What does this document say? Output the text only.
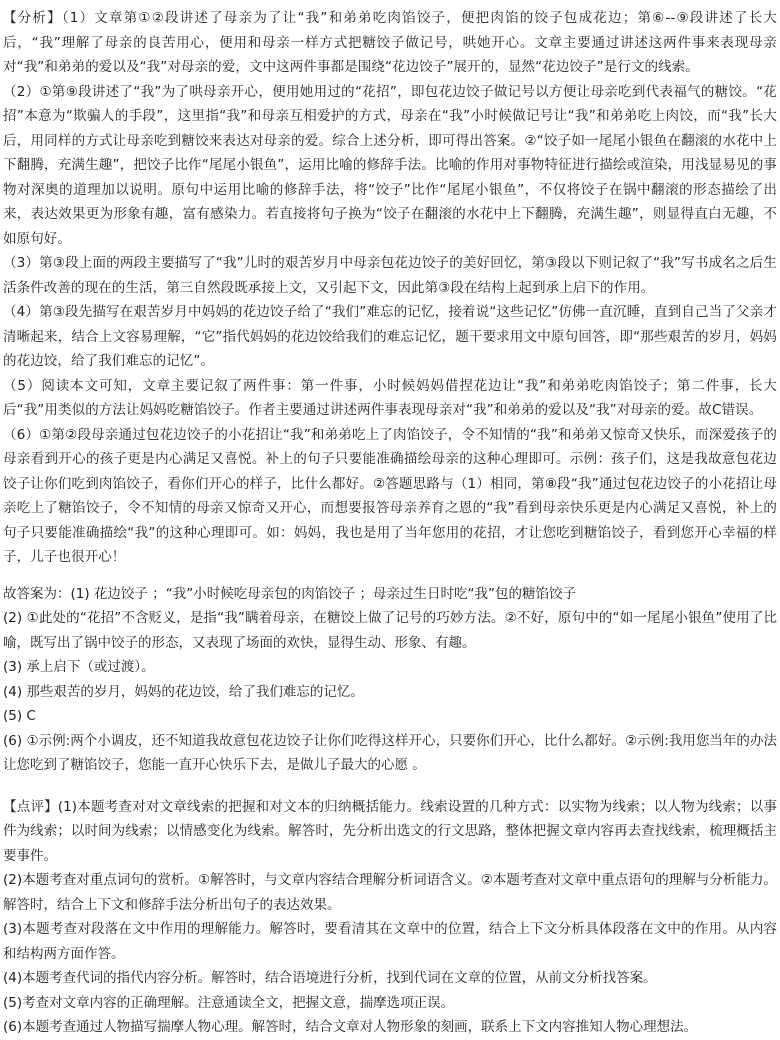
【分析】（1）文章第①②段讲述了母亲为了让“我”和弟弟吃肉馅饺子，便把肉馅的饺子包成花边；第⑥--⑨段讲述了长大后，“我”理解了母亲的良苦用心，便用和母亲一样方式把糖饺子做记号，哄她开心。文章主要通过讲述这两件事来表现母亲对“我”和弟弟的爱以及“我”对母亲的爱，文中这两件事都是围绕“花边饺子”展开的，显然“花边饺子”是行文的线索。

（2）①第⑨段讲述了“我”为了哄母亲开心，便用她用过的“花招”，即包花边饺子做记号以方便让母亲吃到代表福气的糖饺。“花招”本意为“欺骗人的手段”，这里指“我”和母亲互相爱护的方式，母亲在“我”小时候做记号让“我”和弟弟吃上肉饺，而“我”长大后，用同样的方式让母亲吃到糖饺来表达对母亲的爱。综合上述分析，即可得出答案。②“饺子如一尾尾小银鱼在翻滚的水花中上下翻腾，充满生趣”，把饺子比作“尾尾小银鱼”，运用比喻的修辞手法。比喻的作用对事物特征进行描绘或渲染，用浅显易见的事物对深奥的道理加以说明。原句中运用比喻的修辞手法，将“饺子”比作“尾尾小银鱼”，不仅将饺子在锅中翻滚的形态描绘了出来，表达效果更为形象有趣，富有感染力。若直接将句子换为“饺子在翻滚的水花中上下翻腾，充满生趣”，则显得直白无趣，不如原句好。

（3）第③段上面的两段主要描写了“我”儿时的艰苦岁月中母亲包花边饺子的美好回忆，第③段以下则记叙了“我”写书成名之后生活条件改善的现在的生活，第三自然段既承接上文，又引起下文，因此第③段在结构上起到承上启下的作用。

（4）第③段先描写在艰苦岁月中妈妈的花边饺子给了“我们”难忘的记忆，接着说“这些记忆”仿佛一直沉睡，直到自己当了父亲才清晰起来，结合上文容易理解，“它”指代妈妈的花边饺给我们的难忘记忆，题干要求用文中原句回答，即“那些艰苦的岁月，妈妈的花边饺，给了我们难忘的记忆”。

（5）阅读本文可知，文章主要记叙了两件事：第一件事，小时候妈妈借捏花边让“我”和弟弟吃肉馅饺子；第二件事，长大后“我”用类似的方法让妈妈吃糖馅饺子。作者主要通过讲述两件事表现母亲对“我”和弟弟的爱以及“我”对母亲的爱。故C错误。

（6）①第②段母亲通过包花边饺子的小花招让“我”和弟弟吃上了肉馅饺子，令不知情的“我”和弟弟又惊奇又快乐，而深爱孩子的母亲看到开心的孩子更是内心满足又喜悦。补上的句子只要能准确描绘母亲的这种心理即可。示例：孩子们，这是我故意包花边饺子让你们吃到肉馅饺子，看你们开心的样子，比什么都好。②答题思路与（1）相同，第⑧段“我”通过包花边饺子的小花招让母亲吃上了糖馅饺子，令不知情的母亲又惊奇又开心，而想要报答母亲养育之恩的“我”看到母亲快乐更是内心满足又喜悦，补上的句子只要能准确描绘“我”的这种心理即可。如：妈妈，我也是用了当年您用的花招，才让您吃到糖馅饺子，看到您开心幸福的样子，儿子也很开心！

故答案为：(1) 花边饺子 ；“我”小时候吃母亲包的肉馅饺子 ；母亲过生日时吃“我”包的糖馅饺子

(2) ①此处的“花招”不含贬义，是指“我”瞒着母亲，在糖饺上做了记号的巧妙方法。②不好，原句中的“如一尾尾小银鱼”使用了比喻，既写出了锅中饺子的形态，又表现了场面的欢快，显得生动、形象、有趣。

(3) 承上启下（或过渡）。

(4) 那些艰苦的岁月，妈妈的花边饺，给了我们难忘的记忆。

(5) C

(6) ①示例:两个小调皮，还不知道我故意包花边饺子让你们吃得这样开心，只要你们开心，比什么都好。②示例:我用您当年的办法让您吃到了糖馅饺子，您能一直开心快乐下去，是做儿子最大的心愿 。

【点评】(1)本题考查对对文章线索的把握和对文本的归纳概括能力。线索设置的几种方式：以实物为线索；以人物为线索；以事件为线索；以时间为线索；以情感变化为线索。解答时，先分析出选文的行文思路，整体把握文章内容再去查找线索，梳理概括主要事件。

(2)本题考查对重点词句的赏析。①解答时，与文章内容结合理解分析词语含义。②本题考查对文章中重点语句的理解与分析能力。解答时，结合上下文和修辞手法分析出句子的表达效果。

(3)本题考查对段落在文中作用的理解能力。解答时，要看清其在文章中的位置，结合上下文分析具体段落在文中的作用。从内容和结构两方面作答。

(4)本题考查代词的指代内容分析。解答时，结合语境进行分析，找到代词在文章的位置，从前文分析找答案。

(5)考查对文章内容的正确理解。注意通读全文，把握文意，揣摩选项正误。

(6)本题考查通过人物描写揣摩人物心理。解答时，结合文章对人物形象的刻画，联系上下文内容推知人物心理想法。
